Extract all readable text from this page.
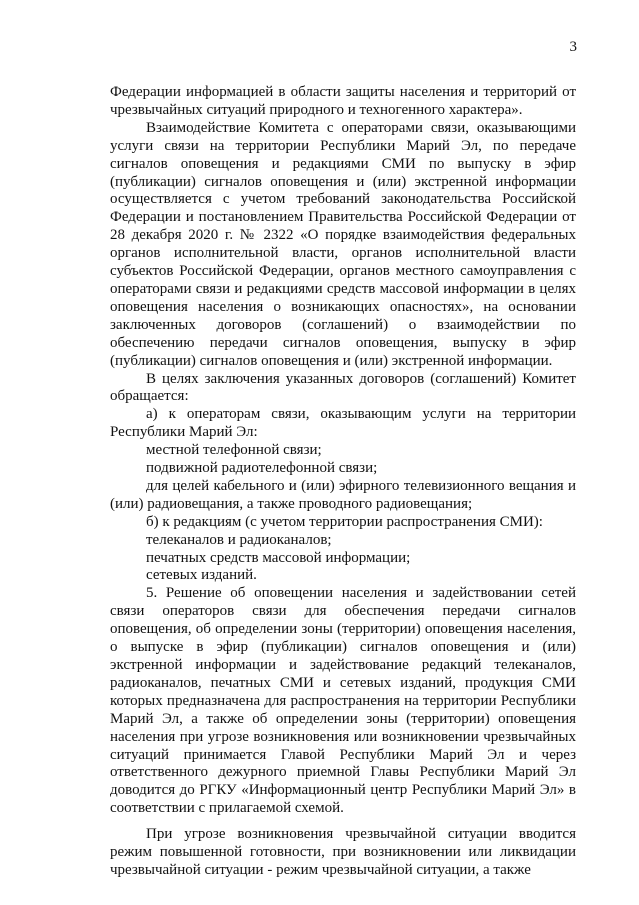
3

Федерации информацией в области защиты населения и территорий от чрезвычайных ситуаций природного и техногенного характера».

Взаимодействие Комитета с операторами связи, оказывающими услуги связи на территории Республики Марий Эл, по передаче сигналов оповещения и редакциями СМИ по выпуску в эфир (публикации) сигналов оповещения и (или) экстренной информации осуществляется с учетом требований законодательства Российской Федерации и постановлением Правительства Российской Федерации от 28 декабря 2020 г. № 2322 «О порядке взаимодействия федеральных органов исполнительной власти, органов исполнительной власти субъектов Российской Федерации, органов местного самоуправления с операторами связи и редакциями средств массовой информации в целях оповещения населения о возникающих опасностях», на основании заключенных договоров (соглашений) о взаимодействии по обеспечению передачи сигналов оповещения, выпуску в эфир (публикации) сигналов оповещения и (или) экстренной информации.

В целях заключения указанных договоров (соглашений) Комитет обращается:

а) к операторам связи, оказывающим услуги на территории Республики Марий Эл:

местной телефонной связи;

подвижной радиотелефонной связи;

для целей кабельного и (или) эфирного телевизионного вещания и (или) радиовещания, а также проводного радиовещания;

б) к редакциям (с учетом территории распространения СМИ):

телеканалов и радиоканалов;

печатных средств массовой информации;

сетевых изданий.

5. Решение об оповещении населения и задействовании сетей связи операторов связи для обеспечения передачи сигналов оповещения, об определении зоны (территории) оповещения населения, о выпуске в эфир (публикации) сигналов оповещения и (или) экстренной информации и задействование редакций телеканалов, радиоканалов, печатных СМИ и сетевых изданий, продукция СМИ которых предназначена для распространения на территории Республики Марий Эл, а также об определении зоны (территории) оповещения населения при угрозе возникновения или возникновении чрезвычайных ситуаций принимается Главой Республики Марий Эл и через ответственного дежурного приемной Главы Республики Марий Эл доводится до РГКУ «Информационный центр Республики Марий Эл» в соответствии с прилагаемой схемой.

При угрозе возникновения чрезвычайной ситуации вводится режим повышенной готовности, при возникновении или ликвидации чрезвычайной ситуации - режим чрезвычайной ситуации, а также
